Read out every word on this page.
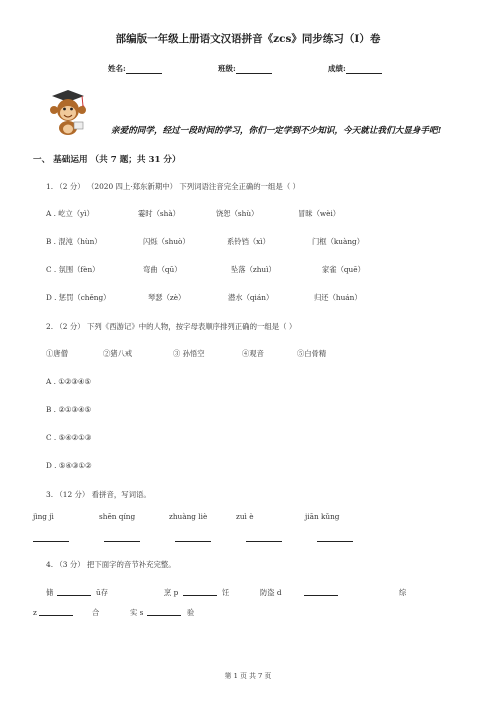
部编版一年级上册语文汉语拼音《zcs》同步练习（I）卷
姓名:	班级:	成绩:
亲爱的同学，经过一段时间的学习，你们一定学到不少知识，今天就让我们大显身手吧!
一、 基础运用 （共 7 题；共 31 分）
1. （2 分） （2020 四上·郑东新期中） 下列词语注音完全正确的一组是（ ）
A . 屹立（yì）	霎时（shà）	饶恕（shù）	冒昧（wèi）
B . 混沌（hùn）	闪烁（shuò）	系铃铛（xì）	门框（kuàng）
C . 氛围（fèn）	弯曲（qū）	坠落（zhuì）	家雀（quē）
D . 惩罚（chěng）	琴瑟（zè）	潜水（qián）	归还（huán）
2. （2 分） 下列《西游记》中的人物，按字母表顺序排列正确的一组是（ ）
①唐僧	②猪八戒	③ 孙悟空	④观音	⑤白骨精
A . ①②③④⑤
B . ②①③④⑤
C . ⑤④②①③
D . ⑤④③①②
3. （12 分） 看拼音，写词语。
jìng jì	shēn qíng	zhuàng liè	zuì è	jiān kǔng
4. （3 分） 把下面字的音节补充完整。
储	ū存	烹 p	饪	防盗 d	综
z	合	实 s	验
第 1 页 共 7 页
